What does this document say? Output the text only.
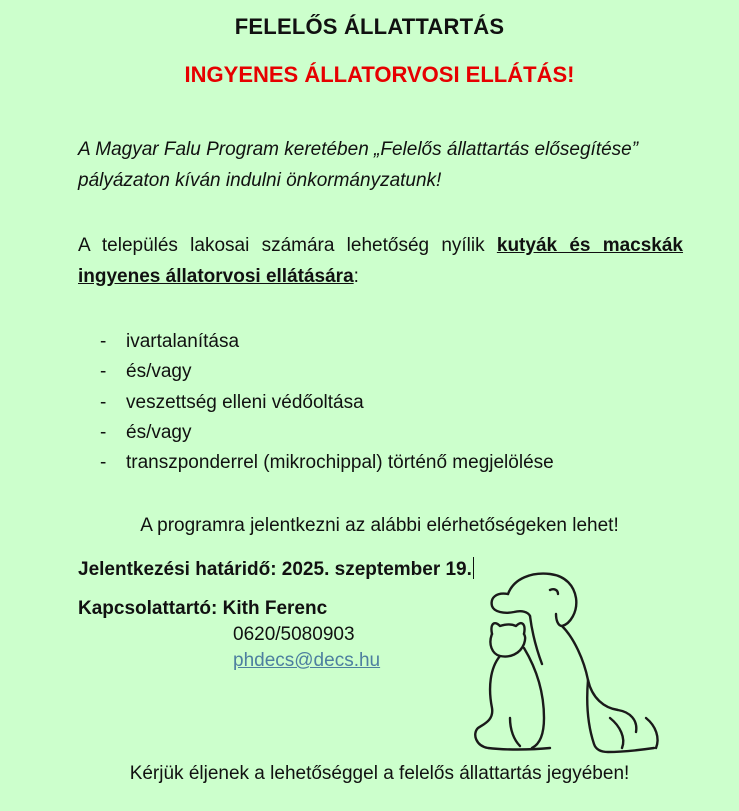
FELELŐS ÁLLATTARTÁS
INGYENES ÁLLATORVOSI ELLÁTÁS!
A Magyar Falu Program keretében „Felelős állattartás elősegítése” pályázaton kíván indulni önkormányzatunk!
A település lakosai számára lehetőség nyílik kutyák és macskák ingyenes állatorvosi ellátására:
-	ivartalanítása
-	és/vagy
-	veszettség elleni védőoltása
-	és/vagy
-	transzponderrel (mikrochippal) történő megjelölése
A programra jelentkezni az alábbi elérhetőségeken lehet!
Jelentkezési határidő: 2025. szeptember 19.
Kapcsolattartó: Kith Ferenc
0620/5080903
phdecs@decs.hu
Kérjük éljenek a lehetőséggel a felelős állattartás jegyében!
